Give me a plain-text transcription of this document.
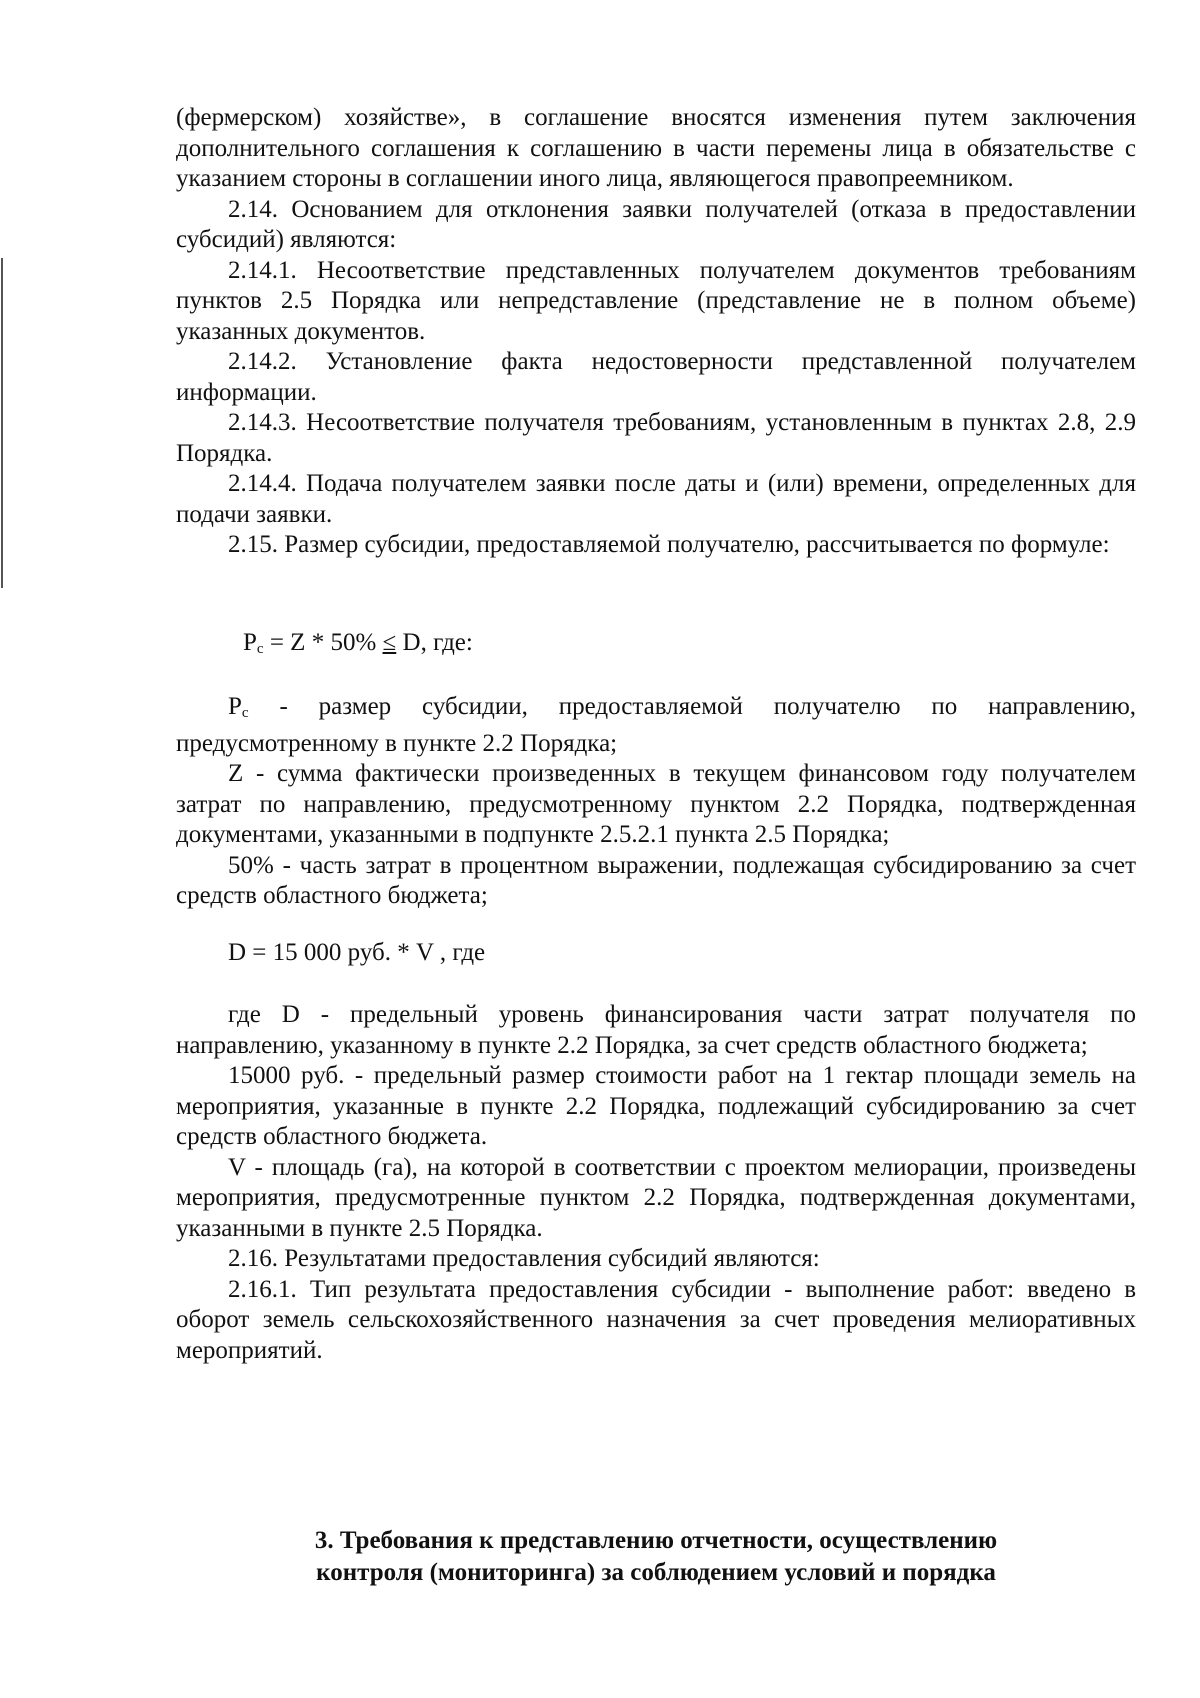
(фермерском) хозяйстве», в соглашение вносятся изменения путем заключения дополнительного соглашения к соглашению в части перемены лица в обязательстве с указанием стороны в соглашении иного лица, являющегося правопреемником.

2.14. Основанием для отклонения заявки получателей (отказа в предоставлении субсидий) являются:

2.14.1. Несоответствие представленных получателем документов требованиям пунктов 2.5 Порядка или непредставление (представление не в полном объеме) указанных документов.

2.14.2. Установление факта недостоверности представленной получателем информации.

2.14.3. Несоответствие получателя требованиям, установленным в пунктах 2.8, 2.9 Порядка.

2.14.4. Подача получателем заявки после даты и (или) времени, определенных для подачи заявки.

2.15. Размер субсидии, предоставляемой получателю, рассчитывается по формуле:

$P_c = Z * 50\% \le D$, где:

$P_c$ - размер субсидии, предоставляемой получателю по направлению, предусмотренному в пункте 2.2 Порядка;

Z - сумма фактически произведенных в текущем финансовом году получателем затрат по направлению, предусмотренному пунктом 2.2 Порядка, подтвержденная документами, указанными в подпункте 2.5.2.1 пункта 2.5 Порядка;

50% - часть затрат в процентном выражении, подлежащая субсидированию за счет средств областного бюджета;

D = 15 000 руб. * V , где

где D - предельный уровень финансирования части затрат получателя по направлению, указанному в пункте 2.2 Порядка, за счет средств областного бюджета;

15000 руб. - предельный размер стоимости работ на 1 гектар площади земель на мероприятия, указанные в пункте 2.2 Порядка, подлежащий субсидированию за счет средств областного бюджета.

V - площадь (га), на которой в соответствии с проектом мелиорации, произведены мероприятия, предусмотренные пунктом 2.2 Порядка, подтвержденная документами, указанными в пункте 2.5 Порядка.

2.16. Результатами предоставления субсидий являются:

2.16.1. Тип результата предоставления субсидии - выполнение работ: введено в оборот земель сельскохозяйственного назначения за счет проведения мелиоративных мероприятий.

3. Требования к представлению отчетности, осуществлению
контроля (мониторинга) за соблюдением условий и порядка
